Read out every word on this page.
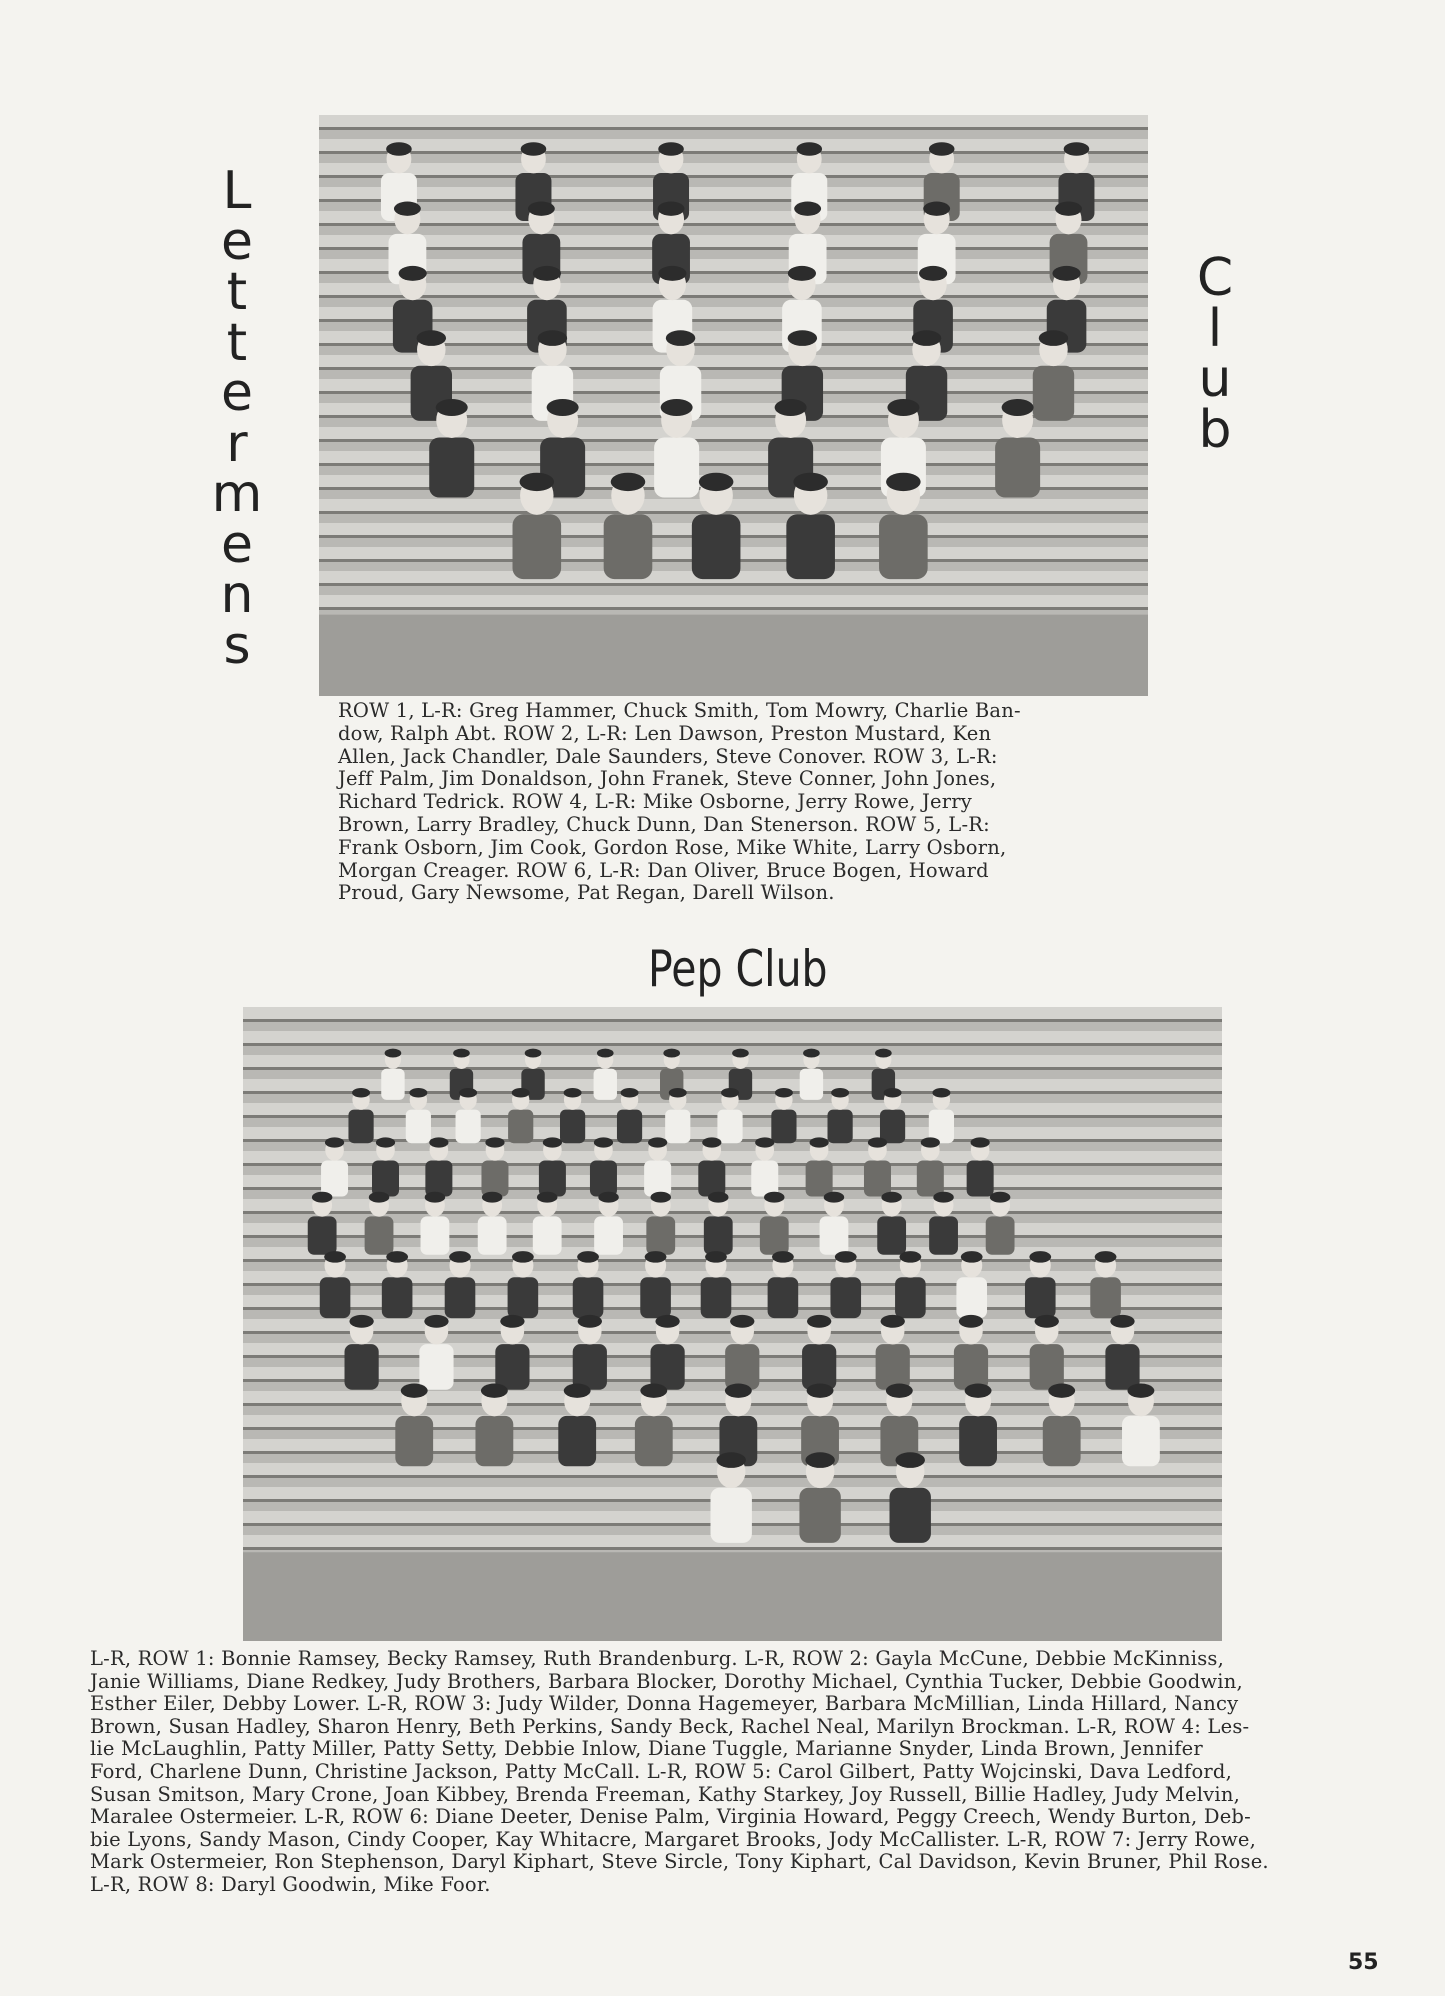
L
e
t
t
e
r
m
e
n
s
C
l
u
b
ROW 1, L-R: Greg Hammer, Chuck Smith, Tom Mowry, Charlie Ban-
dow, Ralph Abt. ROW 2, L-R: Len Dawson, Preston Mustard, Ken
Allen, Jack Chandler, Dale Saunders, Steve Conover. ROW 3, L-R:
Jeff Palm, Jim Donaldson, John Franek, Steve Conner, John Jones,
Richard Tedrick. ROW 4, L-R: Mike Osborne, Jerry Rowe, Jerry
Brown, Larry Bradley, Chuck Dunn, Dan Stenerson. ROW 5, L-R:
Frank Osborn, Jim Cook, Gordon Rose, Mike White, Larry Osborn,
Morgan Creager. ROW 6, L-R: Dan Oliver, Bruce Bogen, Howard
Proud, Gary Newsome, Pat Regan, Darell Wilson.
Pep Club
L-R, ROW 1: Bonnie Ramsey, Becky Ramsey, Ruth Brandenburg. L-R, ROW 2: Gayla McCune, Debbie McKinniss,
Janie Williams, Diane Redkey, Judy Brothers, Barbara Blocker, Dorothy Michael, Cynthia Tucker, Debbie Goodwin,
Esther Eiler, Debby Lower. L-R, ROW 3: Judy Wilder, Donna Hagemeyer, Barbara McMillian, Linda Hillard, Nancy
Brown, Susan Hadley, Sharon Henry, Beth Perkins, Sandy Beck, Rachel Neal, Marilyn Brockman. L-R, ROW 4: Les-
lie McLaughlin, Patty Miller, Patty Setty, Debbie Inlow, Diane Tuggle, Marianne Snyder, Linda Brown, Jennifer
Ford, Charlene Dunn, Christine Jackson, Patty McCall. L-R, ROW 5: Carol Gilbert, Patty Wojcinski, Dava Ledford,
Susan Smitson, Mary Crone, Joan Kibbey, Brenda Freeman, Kathy Starkey, Joy Russell, Billie Hadley, Judy Melvin,
Maralee Ostermeier. L-R, ROW 6: Diane Deeter, Denise Palm, Virginia Howard, Peggy Creech, Wendy Burton, Deb-
bie Lyons, Sandy Mason, Cindy Cooper, Kay Whitacre, Margaret Brooks, Jody McCallister. L-R, ROW 7: Jerry Rowe,
Mark Ostermeier, Ron Stephenson, Daryl Kiphart, Steve Sircle, Tony Kiphart, Cal Davidson, Kevin Bruner, Phil Rose.
L-R, ROW 8: Daryl Goodwin, Mike Foor.
55
